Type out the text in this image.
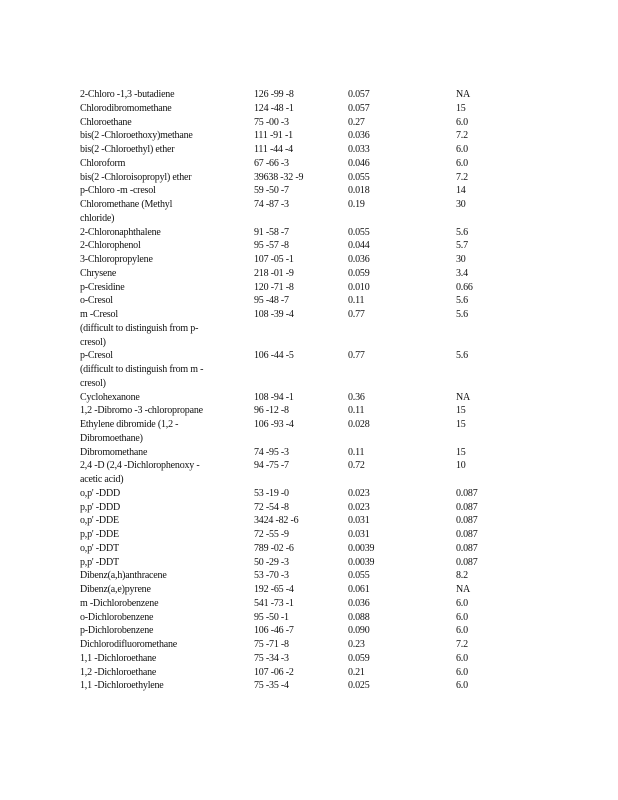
2-Chloro -1,3 -butadiene	126 -99 -8	0.057	NA
Chlorodibromomethane	124 -48 -1	0.057	15
Chloroethane	75 -00 -3	0.27	6.0
bis(2 -Chloroethoxy)methane	111 -91 -1	0.036	7.2
bis(2 -Chloroethyl) ether	111 -44 -4	0.033	6.0
Chloroform	67 -66 -3	0.046	6.0
bis(2 -Chloroisopropyl) ether	39638 -32 -9	0.055	7.2
p-Chloro -m -cresol	59 -50 -7	0.018	14
Chloromethane (Methyl
chloride)	74 -87 -3	0.19	30
2-Chloronaphthalene	91 -58 -7	0.055	5.6
2-Chlorophenol	95 -57 -8	0.044	5.7
3-Chloropropylene	107 -05 -1	0.036	30
Chrysene	218 -01 -9	0.059	3.4
p-Cresidine	120 -71 -8	0.010	0.66
o-Cresol	95 -48 -7	0.11	5.6
m -Cresol
(difficult to distinguish from p-
cresol)	108 -39 -4	0.77	5.6
p-Cresol
(difficult to distinguish from m -
cresol)	106 -44 -5	0.77	5.6
Cyclohexanone	108 -94 -1	0.36	NA
1,2 -Dibromo -3 -chloropropane	96 -12 -8	0.11	15
Ethylene dibromide (1,2 -
Dibromoethane)	106 -93 -4	0.028	15
Dibromomethane	74 -95 -3	0.11	15
2,4 -D (2,4 -Dichlorophenoxy -
acetic acid)	94 -75 -7	0.72	10
o,p' -DDD	53 -19 -0	0.023	0.087
p,p' -DDD	72 -54 -8	0.023	0.087
o,p' -DDE	3424 -82 -6	0.031	0.087
p,p' -DDE	72 -55 -9	0.031	0.087
o,p' -DDT	789 -02 -6	0.0039	0.087
p,p' -DDT	50 -29 -3	0.0039	0.087
Dibenz(a,h)anthracene	53 -70 -3	0.055	8.2
Dibenz(a,e)pyrene	192 -65 -4	0.061	NA
m -Dichlorobenzene	541 -73 -1	0.036	6.0
o-Dichlorobenzene	95 -50 -1	0.088	6.0
p-Dichlorobenzene	106 -46 -7	0.090	6.0
Dichlorodifluoromethane	75 -71 -8	0.23	7.2
1,1 -Dichloroethane	75 -34 -3	0.059	6.0
1,2 -Dichloroethane	107 -06 -2	0.21	6.0
1,1 -Dichloroethylene	75 -35 -4	0.025	6.0
